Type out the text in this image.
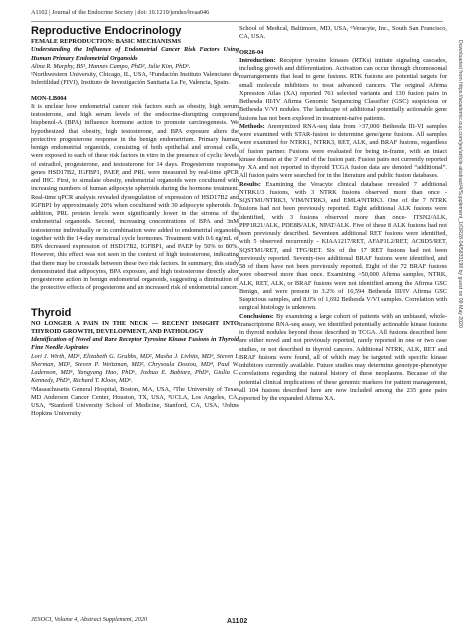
A1102 | Journal of the Endocrine Society | doi: 10.1210/jendso/bvaa046

Reproductive Endocrinology

FEMALE REPRODUCTION: BASIC MECHANISMS

Understanding the Influence of Endometrial Cancer Risk Factors Using Human Primary Endometrial Organoids

Alina R. Murphy, BS¹, Hannes Campo, PhD², Julie Kim, PhD¹.

¹Northwestern University, Chicago, IL, USA, ²Fundación Instituto Valenciano de Infertilidad (FIVI), Instituto de Investigación Sanitaria La Fe, Valencia, Spain.

MON-LB004

It is unclear how endometrial cancer risk factors such as obesity, high serum testosterone, and high serum levels of the endocrine-disrupting compound bisphenol-A (BPA) influence hormone action to promote carcinogenesis. We hypothesized that obesity, high testosterone, and BPA exposure alters the protective progesterone response in the benign endometrium. Primary human benign endometrial organoids, consisting of both epithelial and stromal cells, were exposed to each of these risk factors in vitro in the presence of cyclic levels of estradiol, progesterone, and testosterone for 14 days. Progesterone response genes HSD17B2, IGFBP1, PAEP, and PRL were measured by real-time qPCR and IHC. First, to simulate obesity, endometrial organoids were cocultured with increasing numbers of human adipocyte spheroids during the hormone treatment. Real-time qPCR analysis revealed dysregulation of expression of HSD17B2 and IGFBP1 by approximately 20% when cocultured with 30 adipocyte spheroids. In addition, PRL protein levels were significantly lower in the stroma of the endometrial organoids. Second, increasing concentrations of BPA and 3nM testosterone individually or in combination were added to endometrial organoids together with the 14-day menstrual cycle hormones. Treatment with 0.6 ng/mL of BPA decreased expression of HSD17B2, IGFBP1, and PAEP by 50% to 80%. However, this effect was not seen in the context of high testosterone, indicating that there may be crosstalk between these two risk factors. In summary, this study demonstrated that adipocytes, BPA exposure, and high testosterone directly alter progesterone action in benign endometrial organoids, suggesting a diminution of the protective effects of progesterone and an increased risk of endometrial cancer.

Thyroid

NO LONGER A PAIN IN THE NECK — RECENT INSIGHT INTO THYROID GROWTH, DEVELOPMENT, AND PATHOLOGY

Identification of Novel and Rare Receptor Tyrosine Kinase Fusions in Thyroid Fine Needle Aspirates

Lori J. Wirth, MD¹, Elizabeth G. Grubbs, MD², Masha J. Livhits, MD³, Steven I. Sherman, MD², Steven P. Weitzman, MD², Chrysoula Dosiou, MD⁴, Paul W. Ladenson, MD⁵, Yangyang Hao, PhD⁶, Joshua E. Babiarz, PhD⁶, Giulia C. Kennedy, PhD⁶, Richard T. Kloos, MD⁶.

¹Massachusetts General Hospital, Boston, MA, USA, ²The University of Texas MD Anderson Cancer Center, Houston, TX, USA, ³UCLA, Los Angeles, CA, USA, ⁴Stanford University School of Medicine, Stanford, CA, USA, ⁵Johns Hopkins University

School of Medical, Baltimore, MD, USA, ⁶Veracyte, Inc., South San Francisco, CA, USA.

OR28-04

Introduction: Receptor tyrosine kinases (RTKs) initiate signaling cascades, including growth and differentiation. Activation can occur through chromosomal rearrangements that lead to gene fusions. RTK fusions are potential targets for small molecule inhibitors to treat advanced cancers. The original Afirma Xpression Atlas (XA) reported 761 selected variants and 130 fusion pairs in Bethesda III/IV Afirma Genomic Sequencing Classifier (GSC) suspicious or Bethesda V/VI nodules. The landscape of additional potentially actionable gene fusions has not been explored in treatment-naïve patients.

Methods: Anonymized RNA-seq data from >37,000 Bethesda III-VI samples were examined with STAR-fusion to determine gene/gene fusions. All samples were examined for NTRK1, NTRK3, RET, ALK, and BRAF fusions, regardless of fusion partner. Fusions were evaluated for being in-frame, with an intact kinase domain at the 3' end of the fusion pair. Fusion pairs not currently reported by XA and not reported in thyroid TCGA fusion data are denoted “additional”. All fusion pairs were searched for in the literature and public fusion databases.

Results: Examining the Veracyte clinical database revealed 7 additional NTRK1/3 fusions, with 3 NTRK fusions observed more than once - SQSTM1/NTRK3, VIM/NTRK3, and EML4/NTRK3. One of the 7 NTRK fusions had not been previously reported. Eight additional ALK fusions were identified, with 3 fusions observed more than once- ITSN2/ALK, PPP1R21/ALK, PDE8B/ALK, NPAT/ALK. Five of these 8 ALK fusions had not been previously described. Seventeen additional RET fusions were identified, with 5 observed recurrently - KIAA1217/RET, AFAP1L2/RET, ACBD5/RET, SQSTM1/RET, and TFG/RET. Six of the 17 RET fusions had not been previously reported. Seventy-two additional BRAF fusions were identified, and 58 of them have not been previously reported. Eight of the 72 BRAF fusions were observed more than once. Examining >50,000 Afirma samples, NTRK, ALK, RET, ALK, or BRAF fusions were not identified among the Afirma GSC Benign, and were present in 3.2% of 16,594 Bethesda III/IV Afirma GSC Suspicious samples, and 8.0% of 1,692 Bethesda V/VI samples. Correlation with surgical histology is unknown.

Conclusions: By examining a large cohort of patients with an unbiased, whole-transcriptome RNA-seq assay, we identified potentially actionable kinase fusions in thyroid nodules beyond those described in TCGA. All fusions described here are either novel and not previously reported, rarely reported in one or two case studies, or not described in thyroid cancers. Additional NTRK, ALK, RET and BRAF fusions were found, all of which may be targeted with specific kinase inhibitors currently available. Future studies may determine genotype-phenotype correlations regarding the natural history of these neoplasms. Because of the potential clinical implications of these genomic markers for patient management, all 104 fusions described here are now included among the 235 gene pairs reported by the expanded Afirma XA.

Downloaded from https://academic.oup.com/jes/article-abstract/4/Supplement_1/OR28-04/5833198 by guest on 09 May 2020
JESOCI, Volume 4, Abstract Supplement, 2020	A1102
